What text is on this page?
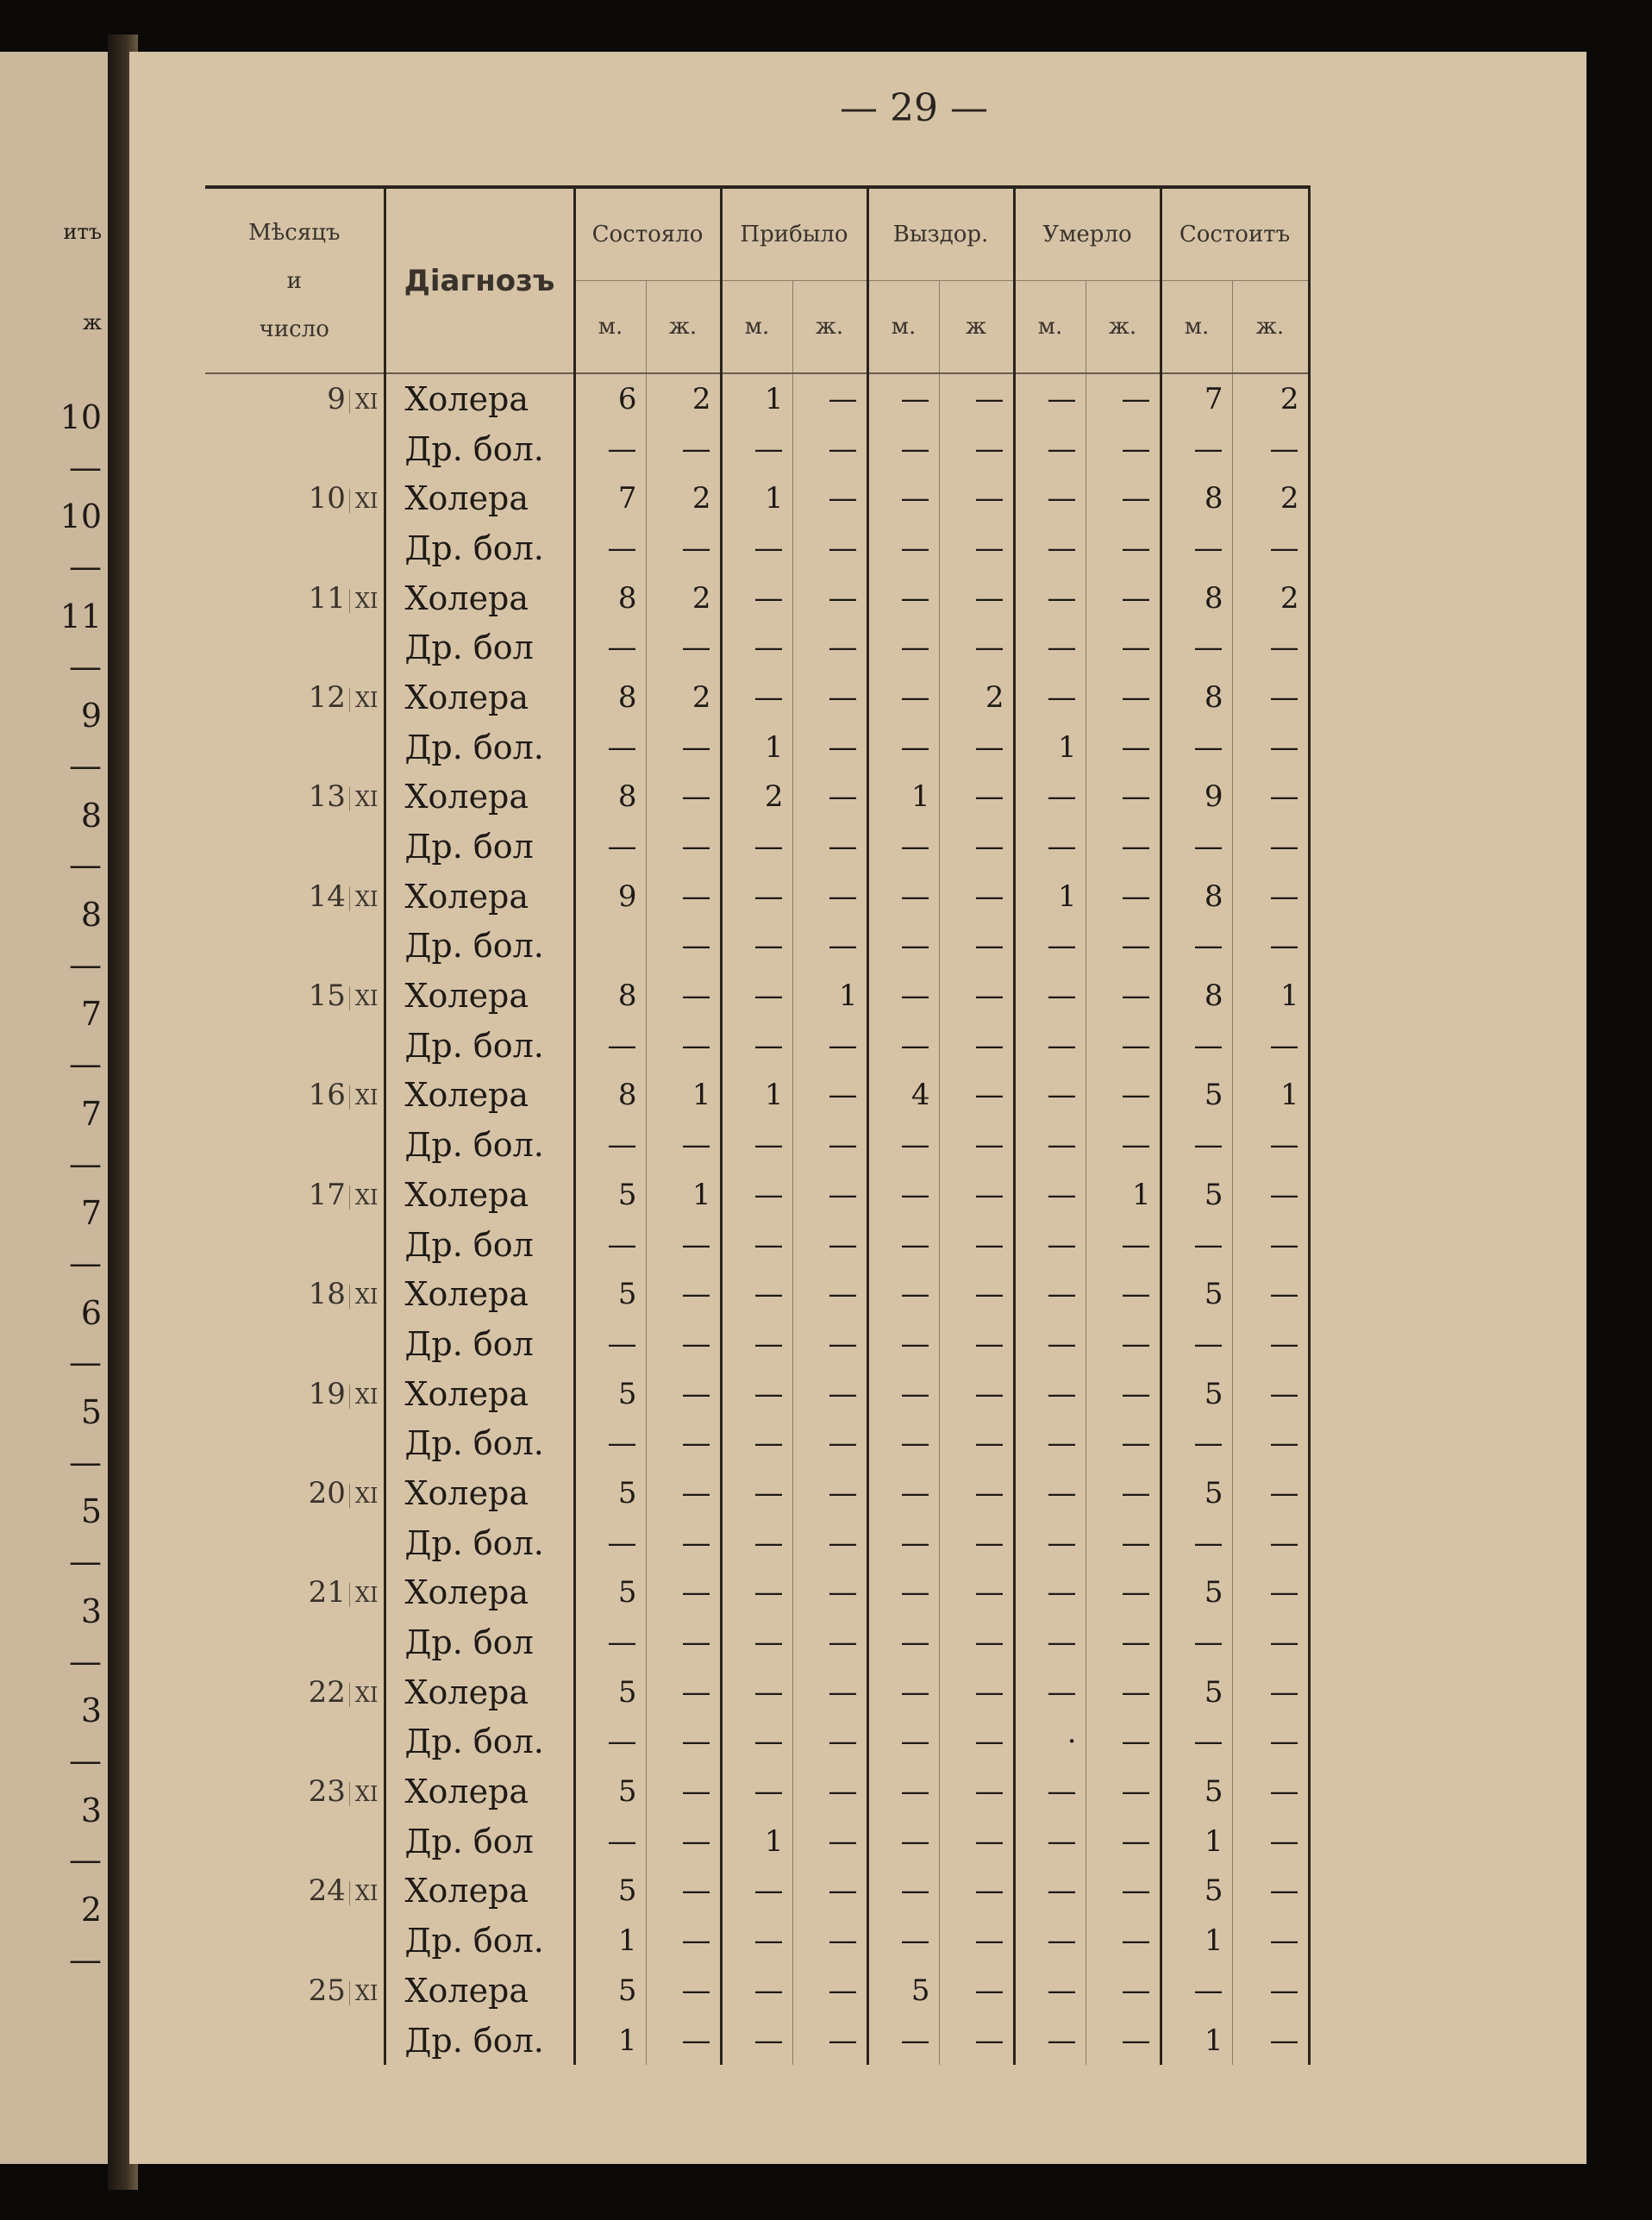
итъ
ж
10
—
10
—
11
—
9
—
8
—
8
—
7
—
7
—
7
—
6
—
5
—
5
—
3
—
3
—
3
—
2
—
— 29 —
Мѣсяцъ
и
число	Діагнозъ	Состояло		Прибыло		Выздор.		Умерло		Состоитъ	
		м.	ж.	м.	ж.	м.	ж	м.	ж.	м.	ж.
9 XI	Холера	6	2	1	—	—	—	—	—	7	2
	Др. бол.	—	—	—	—	—	—	—	—	—	—
10 XI	Холера	7	2	1	—	—	—	—	—	8	2
	Др. бол.	—	—	—	—	—	—	—	—	—	—
11 XI	Холера	8	2	—	—	—	—	—	—	8	2
	Др. бол	—	—	—	—	—	—	—	—	—	—
12 XI	Холера	8	2	—	—	—	2	—	—	8	—
	Др. бол.	—	—	1	—	—	—	1	—	—	—
13 XI	Холера	8	—	2	—	1	—	—	—	9	—
	Др. бол	—	—	—	—	—	—	—	—	—	—
14 XI	Холера	9	—	—	—	—	—	1	—	8	—
	Др. бол.		—	—	—	—	—	—	—	—	—
15 XI	Холера	8	—	—	1	—	—	—	—	8	1
	Др. бол.	—	—	—	—	—	—	—	—	—	—
16 XI	Холера	8	1	1	—	4	—	—	—	5	1
	Др. бол.	—	—	—	—	—	—	—	—	—	—
17 XI	Холера	5	1	—	—	—	—	—	1	5	—
	Др. бол	—	—	—	—	—	—	—	—	—	—
18 XI	Холера	5	—	—	—	—	—	—	—	5	—
	Др. бол	—	—	—	—	—	—	—	—	—	—
19 XI	Холера	5	—	—	—	—	—	—	—	5	—
	Др. бол.	—	—	—	—	—	—	—	—	—	—
20 XI	Холера	5	—	—	—	—	—	—	—	5	—
	Др. бол.	—	—	—	—	—	—	—	—	—	—
21 XI	Холера	5	—	—	—	—	—	—	—	5	—
	Др. бол	—	—	—	—	—	—	—	—	—	—
22 XI	Холера	5	—	—	—	—	—	—	—	5	—
	Др. бол.	—	—	—	—	—	—	·	—	—	—
23 XI	Холера	5	—	—	—	—	—	—	—	5	—
	Др. бол	—	—	1	—	—	—	—	—	1	—
24 XI	Холера	5	—	—	—	—	—	—	—	5	—
	Др. бол.	1	—	—	—	—	—	—	—	1	—
25 XI	Холера	5	—	—	—	5	—	—	—	—	—
	Др. бол.	1	—	—	—	—	—	—	—	1	—
